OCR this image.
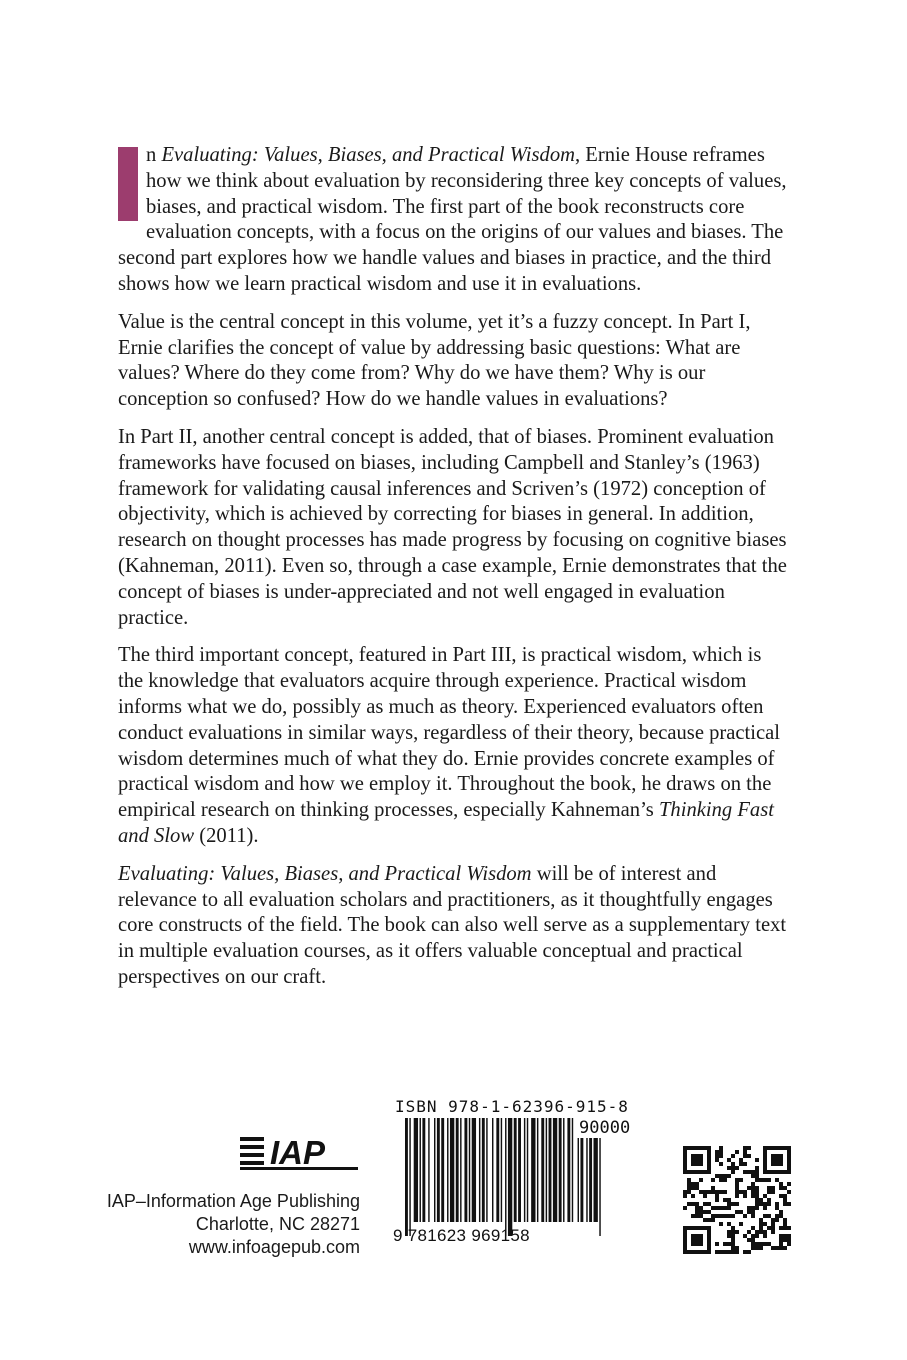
n Evaluating: Values, Biases, and Practical Wisdom, Ernie House reframes how we think about evaluation by reconsidering three key concepts of values, biases, and practical wisdom. The first part of the book reconstructs core evaluation concepts, with a focus on the origins of our values and biases. The second part explores how we handle values and biases in practice, and the third shows how we learn practical wisdom and use it in evaluations.

Value is the central concept in this volume, yet it’s a fuzzy concept. In Part I, Ernie clarifies the concept of value by addressing basic questions: What are values? Where do they come from? Why do we have them? Why is our conception so confused? How do we handle values in evaluations?

In Part II, another central concept is added, that of biases. Prominent evaluation frameworks have focused on biases, including Campbell and Stanley’s (1963) framework for validating causal inferences and Scriven’s (1972) conception of objectivity, which is achieved by correcting for biases in general. In addition, research on thought processes has made progress by focusing on cognitive biases (Kahneman, 2011). Even so, through a case example, Ernie demonstrates that the concept of biases is under-appreciated and not well engaged in evaluation practice.

The third important concept, featured in Part III, is practical wisdom, which is the knowledge that evaluators acquire through experience. Practical wisdom informs what we do, possibly as much as theory. Experienced evaluators often conduct evaluations in similar ways, regardless of their theory, because practical wisdom determines much of what they do. Ernie provides concrete examples of practical wisdom and how we employ it. Throughout the book, he draws on the empirical research on thinking processes, especially Kahneman’s Thinking Fast and Slow (2011).

Evaluating: Values, Biases, and Practical Wisdom will be of interest and relevance to all evaluation scholars and practitioners, as it thoughtfully engages core constructs of the field. The book can also well serve as a supplementary text in multiple evaluation courses, as it offers valuable conceptual and practical perspectives on our craft.

IAP
IAP–Information Age Publishing
Charlotte, NC 28271
www.infoagepub.com
ISBN 978-1-62396-915-8
90000
9 781623 969158
